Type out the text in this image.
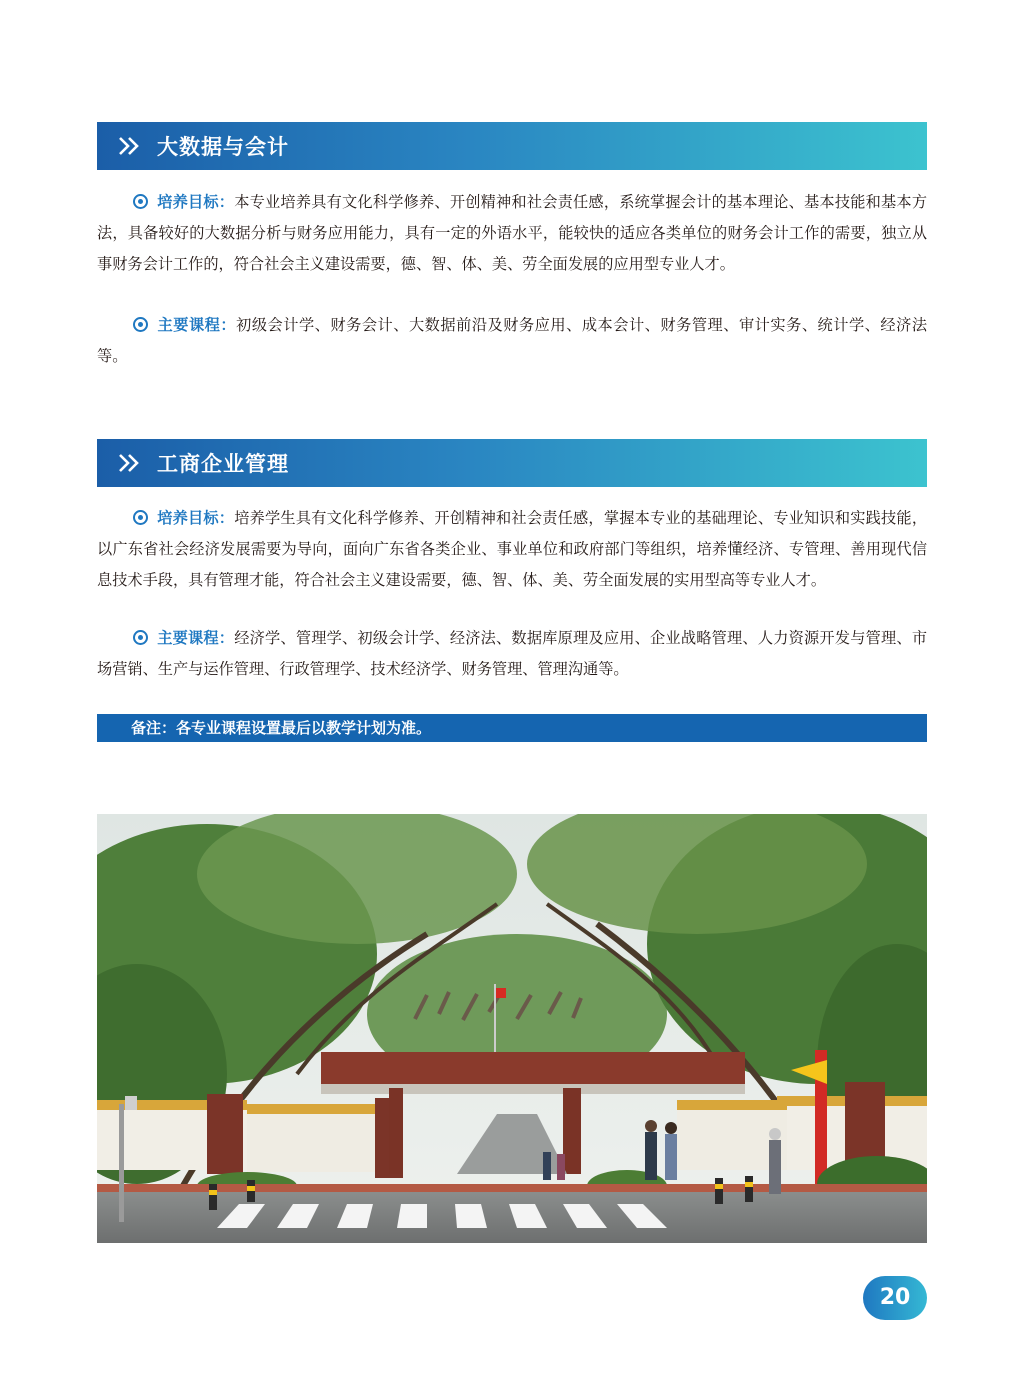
大数据与会计

培养目标：本专业培养具有文化科学修养、开创精神和社会责任感，系统掌握会计的基本理论、基本技能和基本方法，具备较好的大数据分析与财务应用能力，具有一定的外语水平，能较快的适应各类单位的财务会计工作的需要，独立从事财务会计工作的，符合社会主义建设需要，德、智、体、美、劳全面发展的应用型专业人才。

主要课程：初级会计学、财务会计、大数据前沿及财务应用、成本会计、财务管理、审计实务、统计学、经济法等。

工商企业管理

培养目标：培养学生具有文化科学修养、开创精神和社会责任感，掌握本专业的基础理论、专业知识和实践技能，以广东省社会经济发展需要为导向，面向广东省各类企业、事业单位和政府部门等组织，培养懂经济、专管理、善用现代信息技术手段，具有管理才能，符合社会主义建设需要，德、智、体、美、劳全面发展的实用型高等专业人才。

主要课程：经济学、管理学、初级会计学、经济法、数据库原理及应用、企业战略管理、人力资源开发与管理、市场营销、生产与运作管理、行政管理学、技术经济学、财务管理、管理沟通等。

备注：各专业课程设置最后以教学计划为准。
20
